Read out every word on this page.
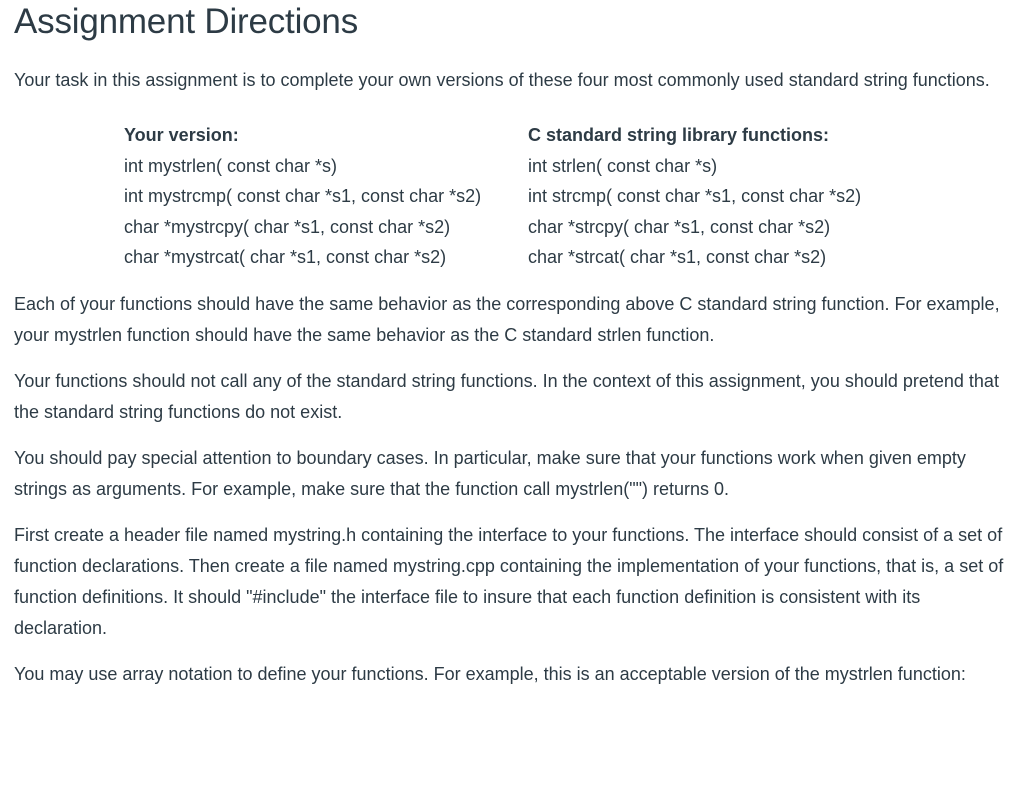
Assignment Directions

Your task in this assignment is to complete your own versions of these four most commonly used standard string functions.

Your version:	C standard string library functions:
int mystrlen( const char *s)	int strlen( const char *s)
int mystrcmp( const char *s1, const char *s2)	int strcmp( const char *s1, const char *s2)
char *mystrcpy( char *s1, const char *s2)	char *strcpy( char *s1, const char *s2)
char *mystrcat( char *s1, const char *s2)	char *strcat( char *s1, const char *s2)

Each of your functions should have the same behavior as the corresponding above C standard string function. For example, your mystrlen function should have the same behavior as the C standard strlen function.

Your functions should not call any of the standard string functions. In the context of this assignment, you should pretend that the standard string functions do not exist.

You should pay special attention to boundary cases. In particular, make sure that your functions work when given empty strings as arguments. For example, make sure that the function call mystrlen("") returns 0.

First create a header file named mystring.h containing the interface to your functions. The interface should consist of a set of function declarations. Then create a file named mystring.cpp containing the implementation of your functions, that is, a set of function definitions. It should "#include" the interface file to insure that each function definition is consistent with its declaration.

You may use array notation to define your functions. For example, this is an acceptable version of the mystrlen function:
